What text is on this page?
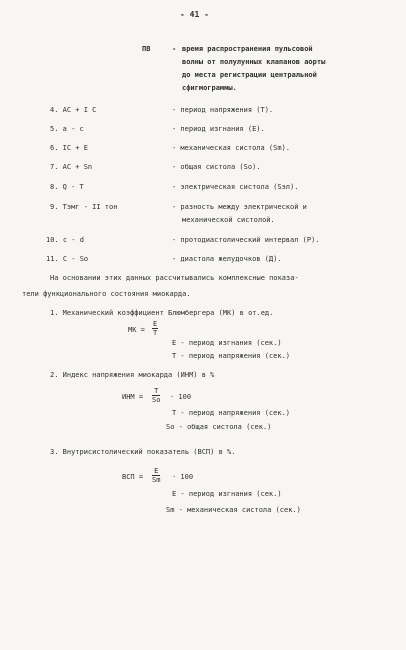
- 41 -
ПВ	- время распространения пульсовой
волны от полулунных клапанов аорты
до места регистрации центральной
сфигмограммы.
4. AC + I C	- период напряжения (Т).
5. a - c	- период изгнания (Е).
6. IC + E	- механическая систола (Sm).
7. AC + Sn	- общая систола (So).
8. Q - T	- электрическая систола (Sэл).
9. Тэмг - II тон	- разность между электрической и
механической систолой.
10. c - d	- протодиастолический интервал (Р).
11. C - So	- диастола желудочков (Д).
На основании этих данных рассчитывались комплексные показа-
тели функционального состояния миокарда.
1. Механический коэффициент Блюмбергера (МК) в от.ед.
МК =
Е
Т
Е - период изгнания (сек.)
Т - период напряжения (сек.)
2. Индекс напряжения миокарда (ИНМ) в %
ИНМ =
Т
So · 100
Т - период напряжения (сек.)
So - общая систола (сек.)
3. Внутрисистолический показатель (ВСП) в %.
ВСП =
Е
Sm · 100
Е - период изгнания (сек.)
Sm - механическая систола (сек.)
